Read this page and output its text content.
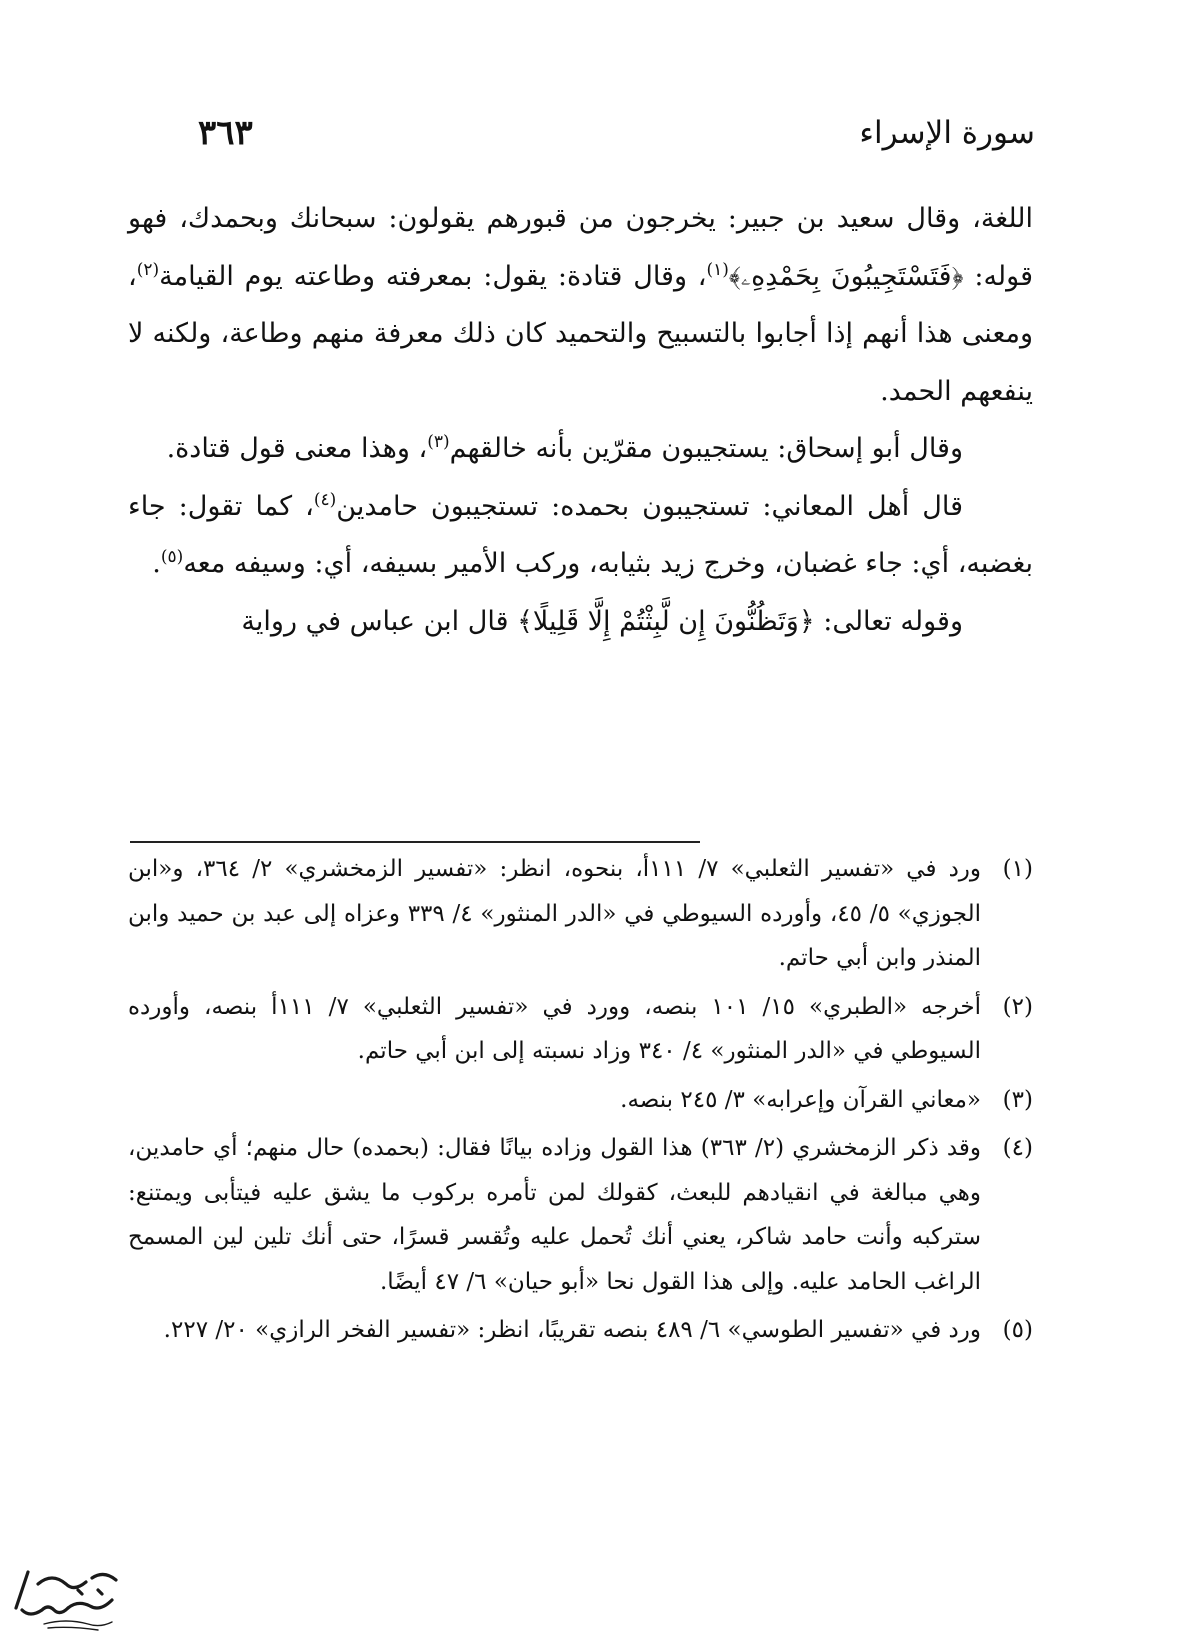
سورة الإسراء
٣٦٣

اللغة، وقال سعيد بن جبير: يخرجون من قبورهم يقولون: سبحانك وبحمدك، فهو قوله: ﴿فَتَسْتَجِيبُونَ بِحَمْدِهِۦ﴾$^{(١)}$، وقال قتادة: يقول: بمعرفته وطاعته يوم القيامة$^{(٢)}$، ومعنى هذا أنهم إذا أجابوا بالتسبيح والتحميد كان ذلك معرفة منهم وطاعة، ولكنه لا ينفعهم الحمد.

وقال أبو إسحاق: يستجيبون مقرّين بأنه خالقهم$^{(٣)}$، وهذا معنى قول قتادة.

قال أهل المعاني: تستجيبون بحمده: تستجيبون حامدين$^{(٤)}$، كما تقول: جاء بغضبه، أي: جاء غضبان، وخرج زيد بثيابه، وركب الأمير بسيفه، أي: وسيفه معه$^{(٥)}$.

وقوله تعالى: ﴿وَتَظُنُّونَ إِن لَّبِثْتُمْ إِلَّا قَلِيلًا﴾ قال ابن عباس في رواية

(١)
ورد في «تفسير الثعلبي» ٧/ ١١١أ، بنحوه، انظر: «تفسير الزمخشري» ٢/ ٣٦٤، و«ابن الجوزي» ٥/ ٤٥، وأورده السيوطي في «الدر المنثور» ٤/ ٣٣٩ وعزاه إلى عبد بن حميد وابن المنذر وابن أبي حاتم.

(٢)
أخرجه «الطبري» ١٥/ ١٠١ بنصه، وورد في «تفسير الثعلبي» ٧/ ١١١أ بنصه، وأورده السيوطي في «الدر المنثور» ٤/ ٣٤٠ وزاد نسبته إلى ابن أبي حاتم.

(٣)
«معاني القرآن وإعرابه» ٣/ ٢٤٥ بنصه.

(٤)
وقد ذكر الزمخشري (٢/ ٣٦٣) هذا القول وزاده بيانًا فقال: (بحمده) حال منهم؛ أي حامدين، وهي مبالغة في انقيادهم للبعث، كقولك لمن تأمره بركوب ما يشق عليه فيتأبى ويمتنع: ستركبه وأنت حامد شاكر، يعني أنك تُحمل عليه وتُقسر قسرًا، حتى أنك تلين لين المسمح الراغب الحامد عليه. وإلى هذا القول نحا «أبو حيان» ٦/ ٤٧ أيضًا.

(٥)
ورد في «تفسير الطوسي» ٦/ ٤٨٩ بنصه تقريبًا، انظر: «تفسير الفخر الرازي» ٢٠/ ٢٢٧.
